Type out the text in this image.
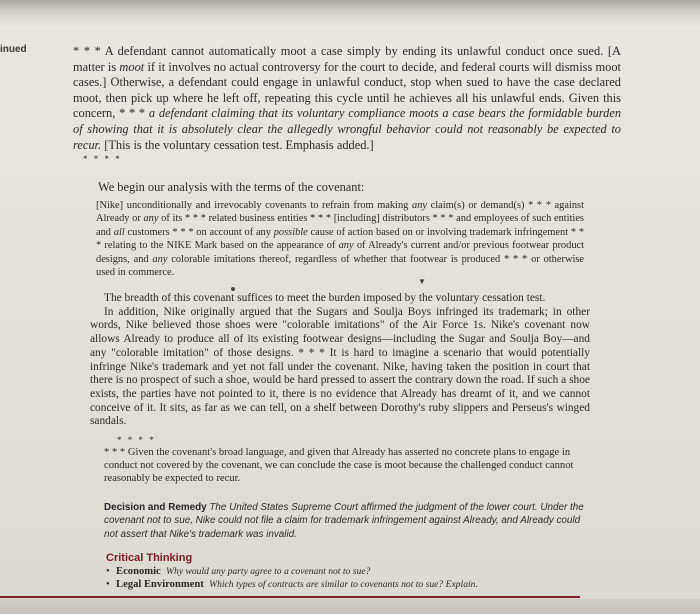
inued	* * * A defendant cannot automatically moot a case simply by ending its unlawful conduct once sued. [A matter is moot if it involves no actual controversy for the court to decide, and federal courts will dismiss moot cases.] Otherwise, a defendant could engage in unlawful conduct, stop when sued to have the case declared moot, then pick up where he left off, repeating this cycle until he achieves all his unlawful ends. Given this concern, * * * a defendant claiming that its voluntary compliance moots a case bears the formidable burden of showing that it is absolutely clear the allegedly wrongful behavior could not reasonably be expected to recur. [This is the voluntary cessation test. Emphasis added.]

* * * *
We begin our analysis with the terms of the covenant:

[Nike] unconditionally and irrevocably covenants to refrain from making any claim(s) or demand(s) * * * against Already or any of its * * * related business entities * * * [including] distributors * * * and employees of such entities and all customers * * * on account of any possible cause of action based on or involving trademark infringement * * * relating to the NIKE Mark based on the appearance of any of Already's current and/or previous footwear product designs, and any colorable imitations thereof, regardless of whether that footwear is produced * * * or otherwise used in commerce.

▼

The breadth of this covenant suffices to meet the burden imposed by the voluntary cessation test.

In addition, Nike originally argued that the Sugars and Soulja Boys infringed its trademark; in other words, Nike believed those shoes were "colorable imitations" of the Air Force 1s. Nike's covenant now allows Already to produce all of its existing footwear designs—including the Sugar and Soulja Boy—and any "colorable imitation" of those designs. * * * It is hard to imagine a scenario that would potentially infringe Nike's trademark and yet not fall under the covenant. Nike, having taken the position in court that there is no prospect of such a shoe, would be hard pressed to assert the contrary down the road. If such a shoe exists, the parties have not pointed to it, there is no evidence that Already has dreamt of it, and we cannot conceive of it. It sits, as far as we can tell, on a shelf between Dorothy's ruby slippers and Perseus's winged sandals.

* * * *

* * * Given the covenant's broad language, and given that Already has asserted no concrete plans to engage in conduct not covered by the covenant, we can conclude the case is moot because the challenged conduct cannot reasonably be expected to recur.

Decision and Remedy The United States Supreme Court affirmed the judgment of the lower court. Under the covenant not to sue, Nike could not file a claim for trademark infringement against Already, and Already could not assert that Nike's trademark was invalid.
Critical Thinking
• Economic Why would any party agree to a covenant not to sue?
• Legal Environment Which types of contracts are similar to covenants not to sue? Explain.
